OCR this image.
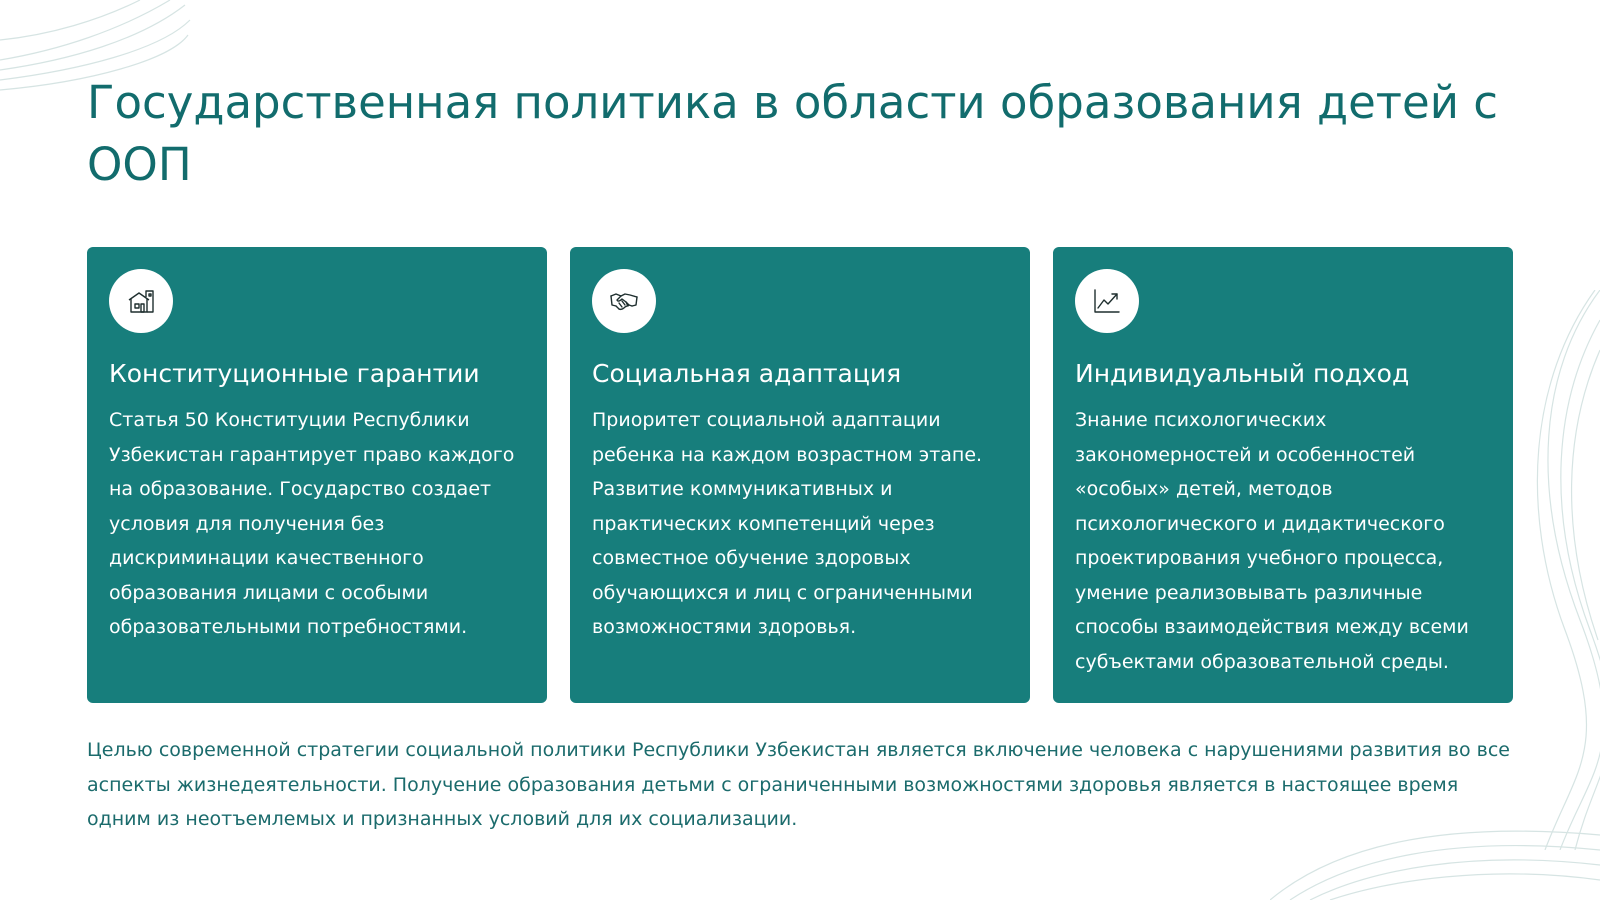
Государственная политика в области образования детей с ООП
Конституционные гарантии

Статья 50 Конституции Республики Узбекистан гарантирует право каждого на образование. Государство создает условия для получения без дискриминации качественного образования лицами с особыми образовательными потребностями.

Социальная адаптация

Приоритет социальной адаптации ребенка на каждом возрастном этапе. Развитие коммуникативных и практических компетенций через совместное обучение здоровых обучающихся и лиц с ограниченными возможностями здоровья.

Индивидуальный подход

Знание психологических закономерностей и особенностей «особых» детей, методов психологического и дидактического проектирования учебного процесса, умение реализовывать различные способы взаимодействия между всеми субъектами образовательной среды.

Целью современной стратегии социальной политики Республики Узбекистан является включение человека с нарушениями развития во все аспекты жизнедеятельности. Получение образования детьми с ограниченными возможностями здоровья является в настоящее время одним из неотъемлемых и признанных условий для их социализации.
